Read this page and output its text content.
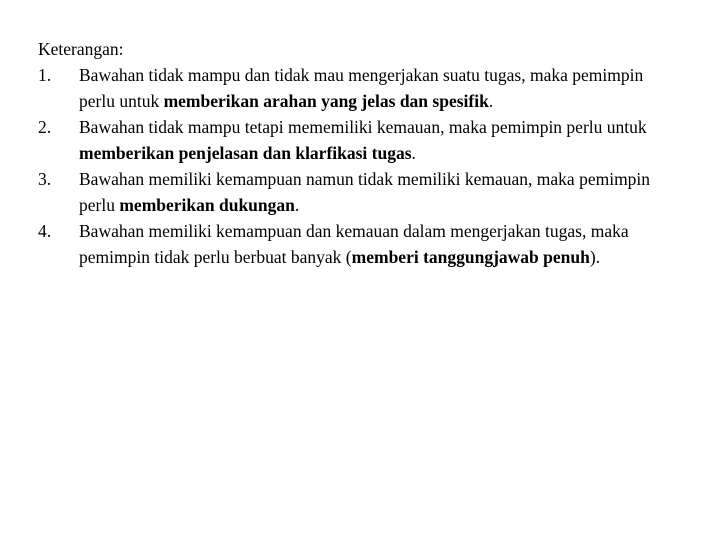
Keterangan:

1. Bawahan tidak mampu dan tidak mau mengerjakan suatu tugas, maka pemimpin perlu untuk memberikan arahan yang jelas dan spesifik.
2. Bawahan tidak mampu tetapi mememiliki kemauan, maka pemimpin perlu untuk memberikan penjelasan dan klarfikasi tugas.
3. Bawahan memiliki kemampuan namun tidak memiliki kemauan, maka pemimpin perlu memberikan dukungan.
4. Bawahan memiliki kemampuan dan kemauan dalam mengerjakan tugas, maka pemimpin tidak perlu berbuat banyak (memberi tanggungjawab penuh).
